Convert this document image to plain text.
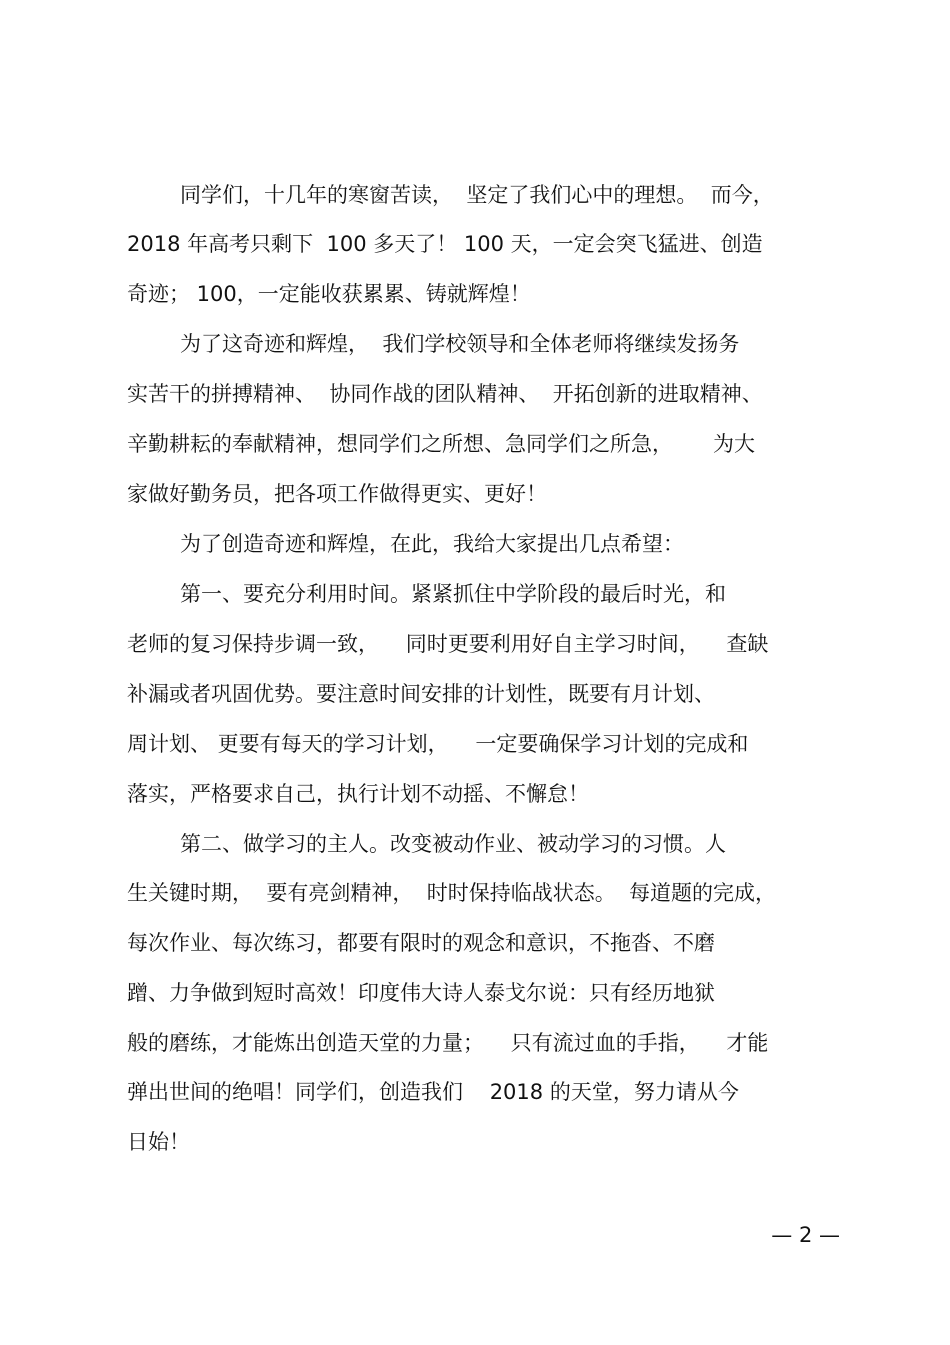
同学们，十几年的寒窗苦读，  坚定了我们心中的理想。  而今，
2018 年高考只剩下  100 多天了！ 100 天，一定会突飞猛进、创造
奇迹； 100，一定能收获累累、铸就辉煌！
为了这奇迹和辉煌，  我们学校领导和全体老师将继续发扬务
实苦干的拼搏精神、  协同作战的团队精神、  开拓创新的进取精神、
辛勤耕耘的奉献精神，想同学们之所想、急同学们之所急，      为大
家做好勤务员，把各项工作做得更实、更好！
为了创造奇迹和辉煌，在此，我给大家提出几点希望：
第一、要充分利用时间。紧紧抓住中学阶段的最后时光，和
老师的复习保持步调一致，    同时更要利用好自主学习时间，    查缺
补漏或者巩固优势。要注意时间安排的计划性，既要有月计划、
周计划、 更要有每天的学习计划，    一定要确保学习计划的完成和
落实，严格要求自己，执行计划不动摇、不懈怠！
第二、做学习的主人。改变被动作业、被动学习的习惯。人
生关键时期，  要有亮剑精神，  时时保持临战状态。  每道题的完成，
每次作业、每次练习，都要有限时的观念和意识，不拖沓、不磨
蹭、力争做到短时高效！印度伟大诗人泰戈尔说：只有经历地狱
般的磨练，才能炼出创造天堂的力量；    只有流过血的手指，    才能
弹出世间的绝唱！同学们，创造我们    2018 的天堂，努力请从今
日始！
— 2 —
